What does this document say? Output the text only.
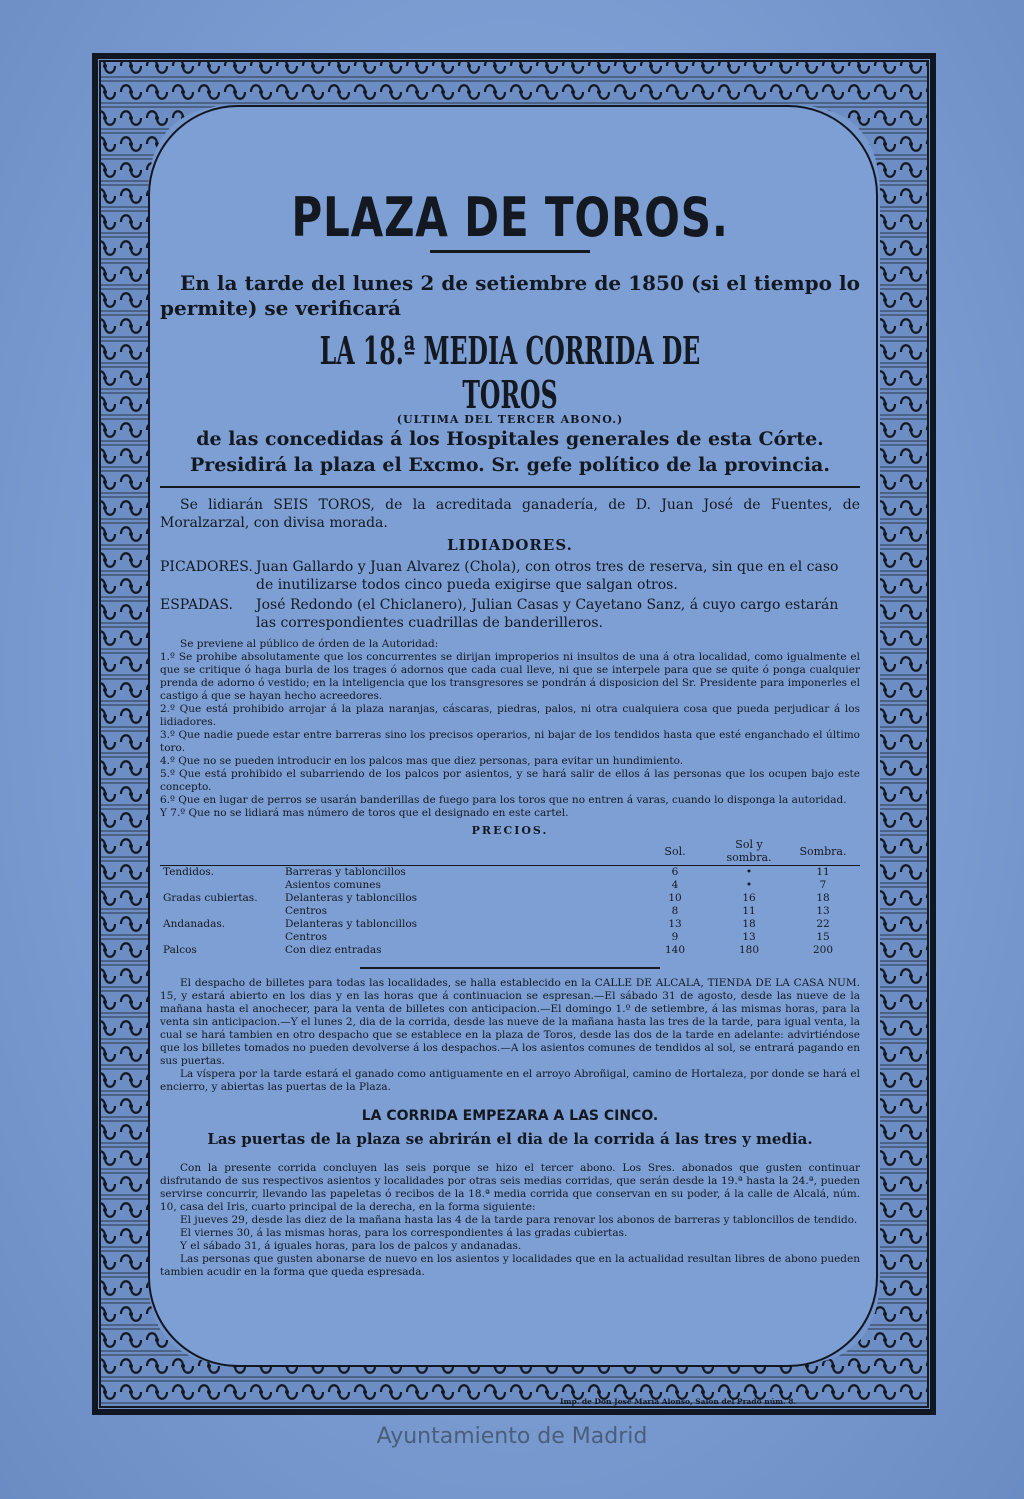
PLAZA DE TOROS.
En la tarde del lunes 2 de setiembre de 1850 (si el tiempo lo permite) se verificará
LA 18.ª MEDIA CORRIDA DE TOROS
(ULTIMA DEL TERCER ABONO.)
de las concedidas á los Hospitales generales de esta Córte.
Presidirá la plaza el Excmo. Sr. gefe político de la provincia.
Se lidiarán SEIS TOROS, de la acreditada ganadería, de D. Juan José de Fuentes, de Moralzarzal, con divisa morada.
LIDIADORES.
PICADORES. Juan Gallardo y Juan Alvarez (Chola), con otros tres de reserva, sin que en el caso de inutilizarse todos cinco pueda exigirse que salgan otros.
ESPADAS.	José Redondo (el Chiclanero), Julian Casas y Cayetano Sanz, á cuyo cargo estarán las correspondientes cuadrillas de banderilleros.

Se previene al público de órden de la Autoridad:

1.º Se prohibe absolutamente que los concurrentes se dirijan improperios ni insultos de una á otra localidad, como igualmente el que se critique ó haga burla de los trages ó adornos que cada cual lleve, ni que se interpele para que se quite ó ponga cualquier prenda de adorno ó vestido; en la inteligencia que los transgresores se pondrán á disposicion del Sr. Presidente para imponerles el castigo á que se hayan hecho acreedores.

2.º Que está prohibido arrojar á la plaza naranjas, cáscaras, piedras, palos, ni otra cualquiera cosa que pueda perjudicar á los lidiadores.

3.º Que nadie puede estar entre barreras sino los precisos operarios, ni bajar de los tendidos hasta que esté enganchado el último toro.

4.º Que no se pueden introducir en los palcos mas que diez personas, para evitar un hundimiento.

5.º Que está prohibido el subarriendo de los palcos por asientos, y se hará salir de ellos á las personas que los ocupen bajo este concepto.

6.º Que en lugar de perros se usarán banderillas de fuego para los toros que no entren á varas, cuando lo disponga la autoridad.

Y 7.º Que no se lidiará mas número de toros que el designado en este cartel.

PRECIOS.
		Sol.	Sol y sombra.	Sombra.
Tendidos.	Barreras y tabloncillos	6	•	11
	Asientos comunes	4	•	7
Gradas cubiertas.	Delanteras y tabloncillos	10	16	18
	Centros	8	11	13
Andanadas.	Delanteras y tabloncillos	13	18	22
	Centros	9	13	15
Palcos	Con diez entradas	140	180	200

El despacho de billetes para todas las localidades, se halla establecido en la CALLE DE ALCALA, TIENDA DE LA CASA NUM. 15, y estará abierto en los dias y en las horas que á continuacion se espresan.—El sábado 31 de agosto, desde las nueve de la mañana hasta el anochecer, para la venta de billetes con anticipacion.—El domingo 1.º de setiembre, á las mismas horas, para la venta sin anticipacion.—Y el lunes 2, dia de la corrida, desde las nueve de la mañana hasta las tres de la tarde, para igual venta, la cual se hará tambien en otro despacho que se establece en la plaza de Toros, desde las dos de la tarde en adelante: advirtiéndose que los billetes tomados no pueden devolverse á los despachos.—A los asientos comunes de tendidos al sol, se entrará pagando en sus puertas.

La víspera por la tarde estará el ganado como antiguamente en el arroyo Abroñigal, camino de Hortaleza, por donde se hará el encierro, y abiertas las puertas de la Plaza.

LA CORRIDA EMPEZARA A LAS CINCO.
Las puertas de la plaza se abrirán el dia de la corrida á las tres y media.

Con la presente corrida concluyen las seis porque se hizo el tercer abono. Los Sres. abonados que gusten continuar disfrutando de sus respectivos asientos y localidades por otras seis medias corridas, que serán desde la 19.ª hasta la 24.ª, pueden servirse concurrir, llevando las papeletas ó recibos de la 18.ª media corrida que conservan en su poder, á la calle de Alcalá, núm. 10, casa del Iris, cuarto principal de la derecha, en la forma siguiente:

El jueves 29, desde las diez de la mañana hasta las 4 de la tarde para renovar los abonos de barreras y tabloncillos de tendido.

El viernes 30, á las mismas horas, para los correspondientes á las gradas cubiertas.

Y el sábado 31, á iguales horas, para los de palcos y andanadas.

Las personas que gusten abonarse de nuevo en los asientos y localidades que en la actualidad resultan libres de abono pueden tambien acudir en la forma que queda espresada.

Imp. de Don José María Alonso, Salon del Prado núm. 8.
Ayuntamiento de Madrid
